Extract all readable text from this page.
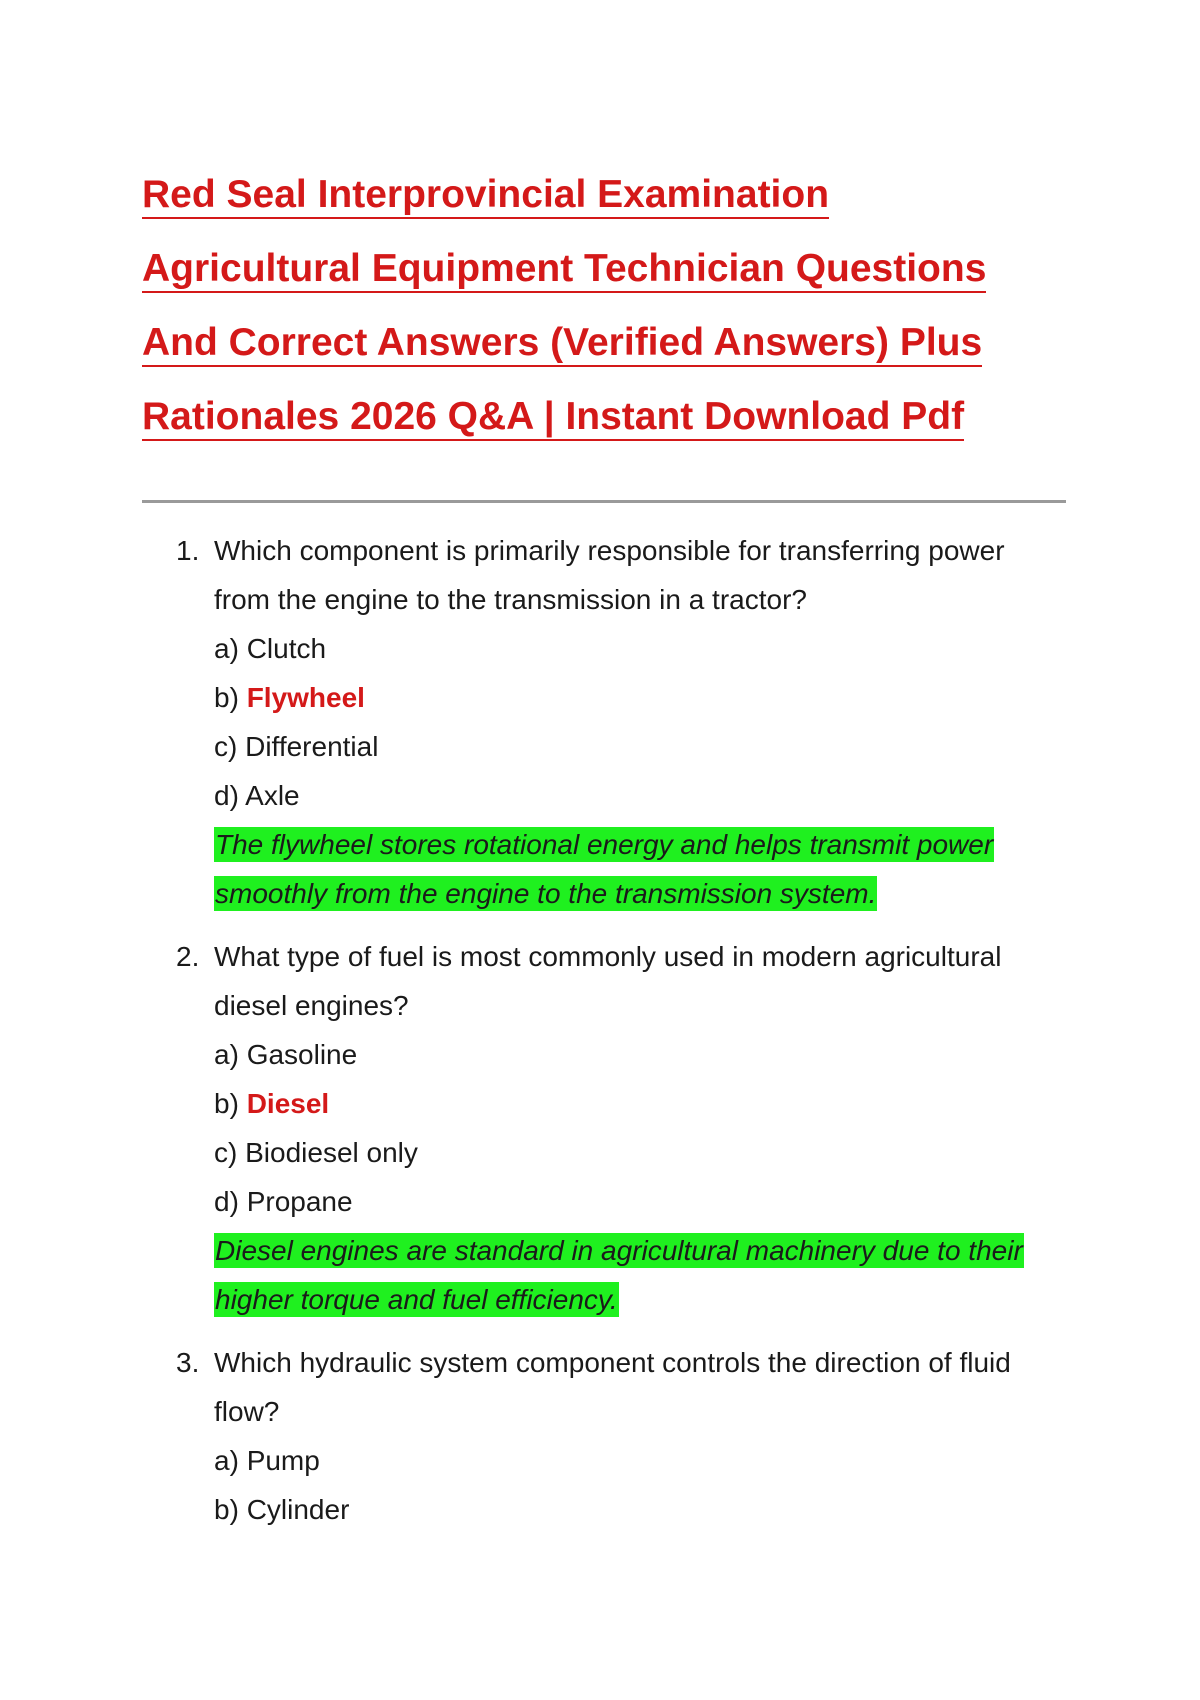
Red Seal Interprovincial Examination
Agricultural Equipment Technician Questions
And Correct Answers (Verified Answers) Plus
Rationales 2026 Q&A | Instant Download Pdf
1. Which component is primarily responsible for transferring power from the engine to the transmission in a tractor?

a) Clutch

b) Flywheel

c) Differential

d) Axle

The flywheel stores rotational energy and helps transmit power smoothly from the engine to the transmission system.

2. What type of fuel is most commonly used in modern agricultural diesel engines?

a) Gasoline

b) Diesel

c) Biodiesel only

d) Propane

Diesel engines are standard in agricultural machinery due to their higher torque and fuel efficiency.

3. Which hydraulic system component controls the direction of fluid flow?

a) Pump

b) Cylinder
